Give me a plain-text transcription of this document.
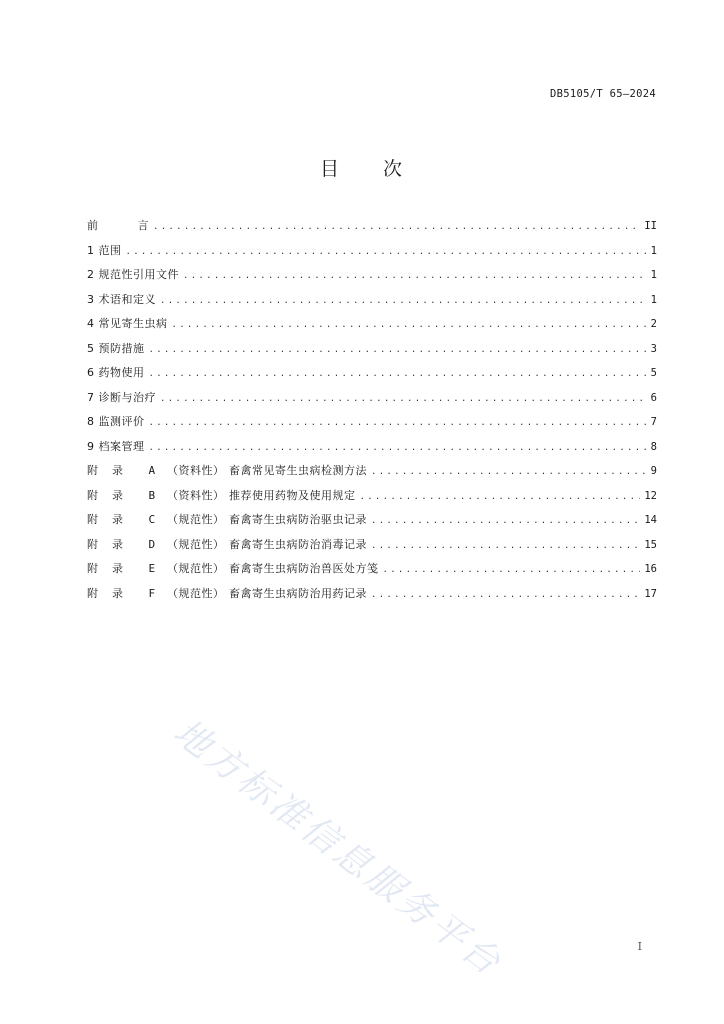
DB5105/T 65—2024
目 次
前	言 .....	II
1 范围 .....	1
2 规范性引用文件 .....	1
3 术语和定义 .....	1
4 常见寄生虫病 .....	2
5 预防措施 .....	3
6 药物使用 .....	5
7 诊断与治疗 .....	6
8 监测评价 .....	7
9 档案管理 .....	8
附录 A （资料性） 畜禽常见寄生虫病检测方法 .....	9
附录 B （资料性） 推荐使用药物及使用规定 .....	12
附录 C （规范性） 畜禽寄生虫病防治驱虫记录 .....	14
附录 D （规范性） 畜禽寄生虫病防治消毒记录 .....	15
附录 E （规范性） 畜禽寄生虫病防治兽医处方笺 .....	16
附录 F （规范性） 畜禽寄生虫病防治用药记录 .....	17
地方标准信息服务平台	I
